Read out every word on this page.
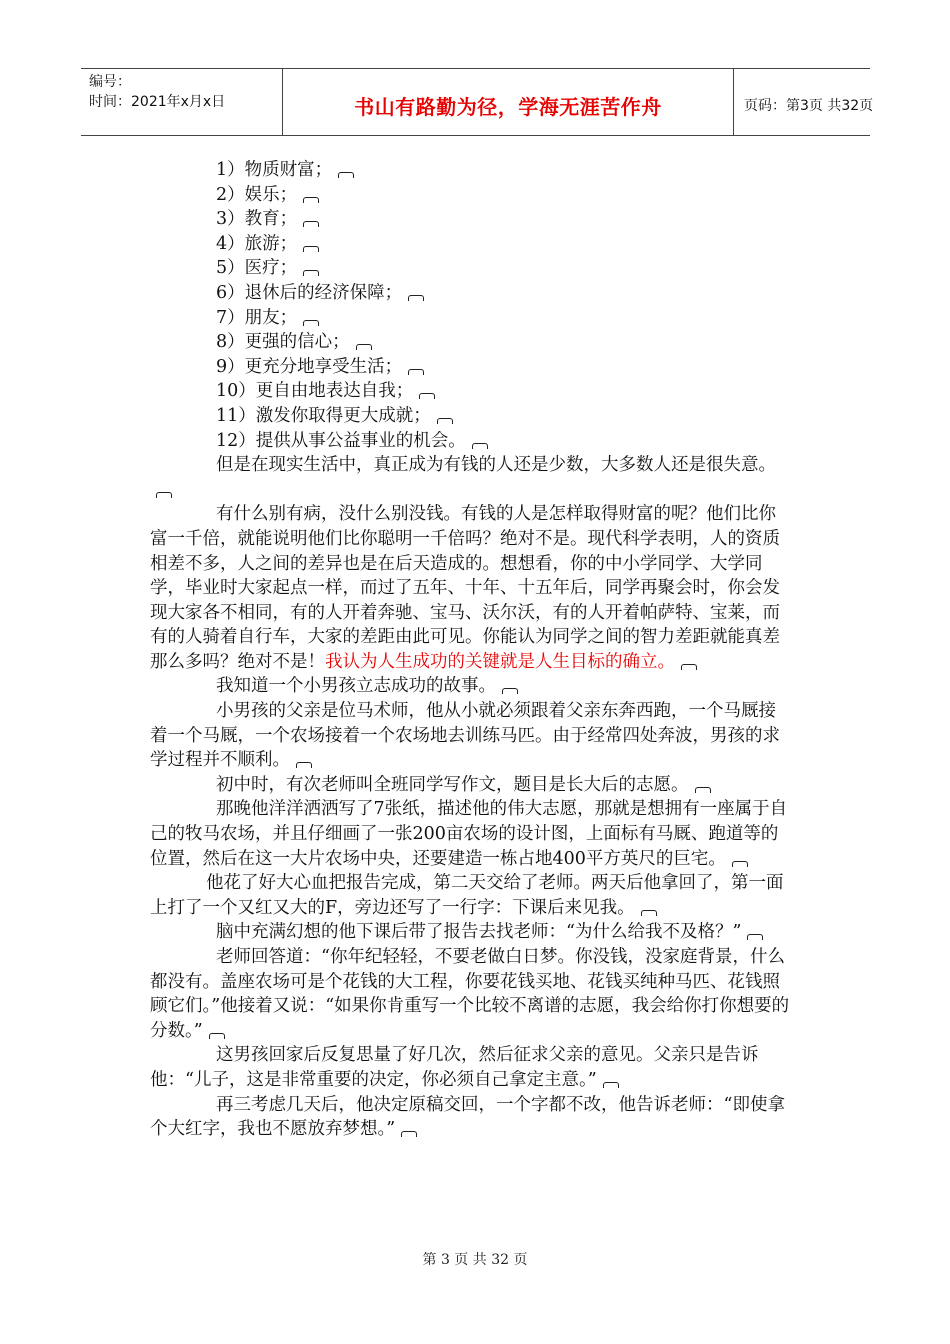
编号：
时间：2021年x月x日	书山有路勤为径，学海无涯苦作舟	页码：第3页 共32页
1）物质财富；
2）娱乐；
3）教育；
4）旅游；
5）医疗；
6）退休后的经济保障；
7）朋友；
8）更强的信心；
9）更充分地享受生活；
10）更自由地表达自我；
11）激发你取得更大成就；
12）提供从事公益事业的机会。
但是在现实生活中，真正成为有钱的人还是少数，大多数人还是很失意。
有什么别有病，没什么别没钱。有钱的人是怎样取得财富的呢？他们比你富一千倍，就能说明他们比你聪明一千倍吗？绝对不是。现代科学表明，人的资质相差不多，人之间的差异也是在后天造成的。想想看，你的中小学同学、大学同学，毕业时大家起点一样，而过了五年、十年、十五年后，同学再聚会时，你会发现大家各不相同，有的人开着奔驰、宝马、沃尔沃，有的人开着帕萨特、宝莱，而有的人骑着自行车，大家的差距由此可见。你能认为同学之间的智力差距就能真差那么多吗？绝对不是！我认为人生成功的关键就是人生目标的确立。
我知道一个小男孩立志成功的故事。
小男孩的父亲是位马术师，他从小就必须跟着父亲东奔西跑，一个马厩接着一个马厩，一个农场接着一个农场地去训练马匹。由于经常四处奔波，男孩的求学过程并不顺利。
初中时，有次老师叫全班同学写作文，题目是长大后的志愿。
那晚他洋洋洒洒写了7张纸，描述他的伟大志愿，那就是想拥有一座属于自己的牧马农场，并且仔细画了一张200亩农场的设计图，上面标有马厩、跑道等的位置，然后在这一大片农场中央，还要建造一栋占地400平方英尺的巨宅。
他花了好大心血把报告完成，第二天交给了老师。两天后他拿回了，第一面上打了一个又红又大的F，旁边还写了一行字：下课后来见我。
脑中充满幻想的他下课后带了报告去找老师：“为什么给我不及格？”
老师回答道：“你年纪轻轻，不要老做白日梦。你没钱，没家庭背景，什么都没有。盖座农场可是个花钱的大工程，你要花钱买地、花钱买纯种马匹、花钱照顾它们。”他接着又说：“如果你肯重写一个比较不离谱的志愿，我会给你打你想要的分数。”
这男孩回家后反复思量了好几次，然后征求父亲的意见。父亲只是告诉他：“儿子，这是非常重要的决定，你必须自己拿定主意。”
再三考虑几天后，他决定原稿交回，一个字都不改，他告诉老师：“即使拿个大红字，我也不愿放弃梦想。”
第 3 页 共 32 页
